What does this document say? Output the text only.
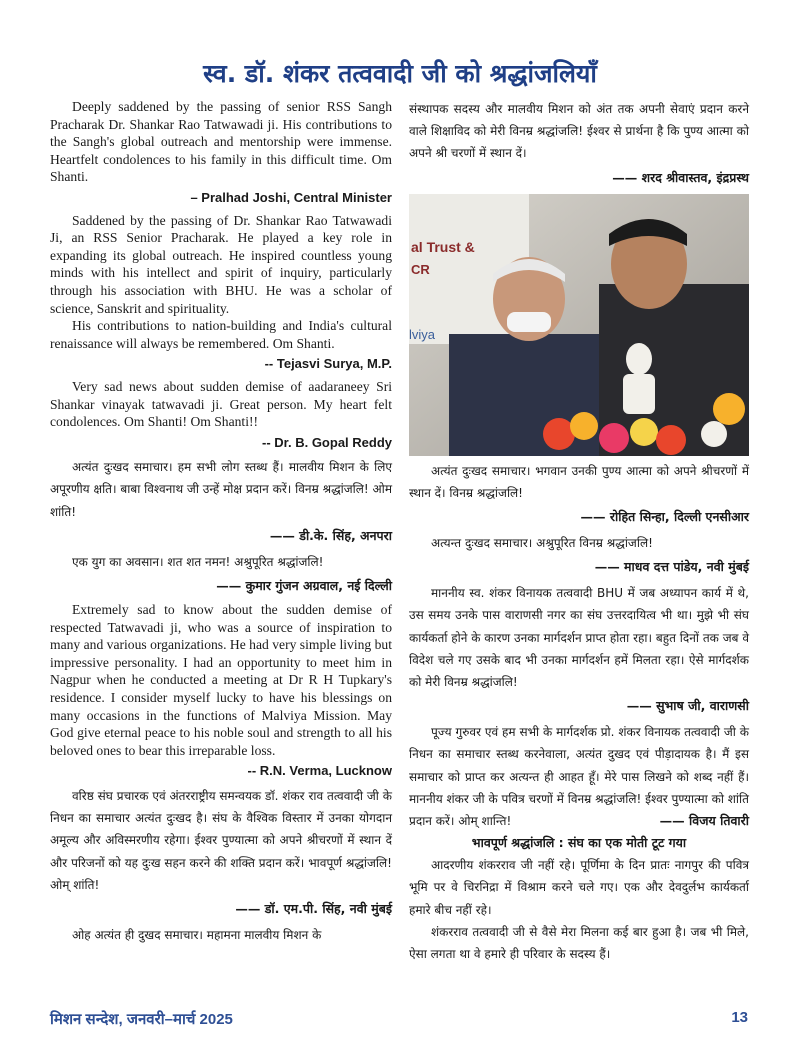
स्व. डॉ. शंकर तत्ववादी जी को श्रद्धांजलियाँ

Deeply saddened by the passing of senior RSS Sangh Pracharak Dr. Shankar Rao Tatwawadi ji. His contributions to the Sangh's global outreach and mentorship were immense. Heartfelt condolences to his family in this difficult time. Om Shanti.

– Pralhad Joshi, Central Minister

Saddened by the passing of Dr. Shankar Rao Tatwawadi Ji, an RSS Senior Pracharak. He played a key role in expanding its global outreach. He inspired countless young minds with his intellect and spirit of inquiry, particularly through his association with BHU. He was a scholar of science, Sanskrit and spirituality.

His contributions to nation-building and India's cultural renaissance will always be remembered. Om Shanti.

-- Tejasvi Surya, M.P.

Very sad news about sudden demise of aadaraneey Sri Shankar vinayak tatwavadi ji. Great person. My heart felt condolences. Om Shanti! Om Shanti!!

-- Dr. B. Gopal Reddy

अत्यंत दुःखद समाचार। हम सभी लोग स्तब्ध हैं। मालवीय मिशन के लिए अपूरणीय क्षति। बाबा विश्वनाथ जी उन्हें मोक्ष प्रदान करें। विनम्र श्रद्धांजलि! ओम शांति!

—— डी.के. सिंह, अनपरा

एक युग का अवसान। शत शत नमन! अश्रुपूरित श्रद्धांजलि!

—— कुमार गुंजन अग्रवाल, नई दिल्ली

Extremely sad to know about the sudden demise of respected Tatwavadi ji, who was a source of inspiration to many and various organizations. He had very simple living but impressive personality. I had an opportunity to meet him in Nagpur when he conducted a meeting at Dr R H Tupkary's residence. I consider myself lucky to have his blessings on many occasions in the functions of Malviya Mission. May God give eternal peace to his noble soul and strength to all his beloved ones to bear this irreparable loss.

-- R.N. Verma, Lucknow

वरिष्ठ संघ प्रचारक एवं अंतरराष्ट्रीय समन्वयक डॉ. शंकर राव तत्ववादी जी के निधन का समाचार अत्यंत दुःखद है। संघ के वैश्विक विस्तार में उनका योगदान अमूल्य और अविस्मरणीय रहेगा। ईश्वर पुण्यात्मा को अपने श्रीचरणों में स्थान दें और परिजनों को यह दुःख सहन करने की शक्ति प्रदान करें। भावपूर्ण श्रद्धांजलि! ओम् शांति!

—— डॉ. एम.पी. सिंह, नवी मुंबई

ओह अत्यंत ही दुखद समाचार। महामना मालवीय मिशन के

संस्थापक सदस्य और मालवीय मिशन को अंत तक अपनी सेवाएं प्रदान करने वाले शिक्षाविद को मेरी विनम्र श्रद्धांजलि! ईश्वर से प्रार्थना है कि पुण्य आत्मा को अपने श्री चरणों में स्थान दें।

—— शरद श्रीवास्तव, इंद्रप्रस्थ
al Trust &
CR
lviya

अत्यंत दुःखद समाचार। भगवान उनकी पुण्य आत्मा को अपने श्रीचरणों में स्थान दें। विनम्र श्रद्धांजलि!

—— रोहित सिन्हा, दिल्ली एनसीआर

अत्यन्त दुःखद समाचार। अश्रुपूरित विनम्र श्रद्धांजलि!

—— माधव दत्त पांडेय, नवी मुंबई

माननीय स्व. शंकर विनायक तत्ववादी BHU में जब अध्यापन कार्य में थे, उस समय उनके पास वाराणसी नगर का संघ उत्तरदायित्व भी था। मुझे भी संघ कार्यकर्ता होने के कारण उनका मार्गदर्शन प्राप्त होता रहा। बहुत दिनों तक जब वे विदेश चले गए उसके बाद भी उनका मार्गदर्शन हमें मिलता रहा। ऐसे मार्गदर्शक को मेरी विनम्र श्रद्धांजलि!

—— सुभाष जी, वाराणसी

पूज्य गुरुवर एवं हम सभी के मार्गदर्शक प्रो. शंकर विनायक तत्ववादी जी के निधन का समाचार स्तब्ध करनेवाला, अत्यंत दुखद एवं पीड़ादायक है। मैं इस समाचार को प्राप्त कर अत्यन्त ही आहत हूँ। मेरे पास लिखने को शब्द नहीं हैं। माननीय शंकर जी के पवित्र चरणों में विनम्र श्रद्धांजलि! ईश्वर पुण्यात्मा को शांति प्रदान करें। ओम् शान्ति!	—— विजय तिवारी

भावपूर्ण श्रद्धांजलि : संघ का एक मोती टूट गया

आदरणीय शंकरराव जी नहीं रहे। पूर्णिमा के दिन प्रातः नागपुर की पवित्र भूमि पर वे चिरनिद्रा में विश्राम करने चले गए। एक और देवदुर्लभ कार्यकर्ता हमारे बीच नहीं रहे।

शंकरराव तत्ववादी जी से वैसे मेरा मिलना कई बार हुआ है। जब भी मिले, ऐसा लगता था वे हमारे ही परिवार के सदस्य हैं।

मिशन सन्देश, जनवरी–मार्च 2025	13
